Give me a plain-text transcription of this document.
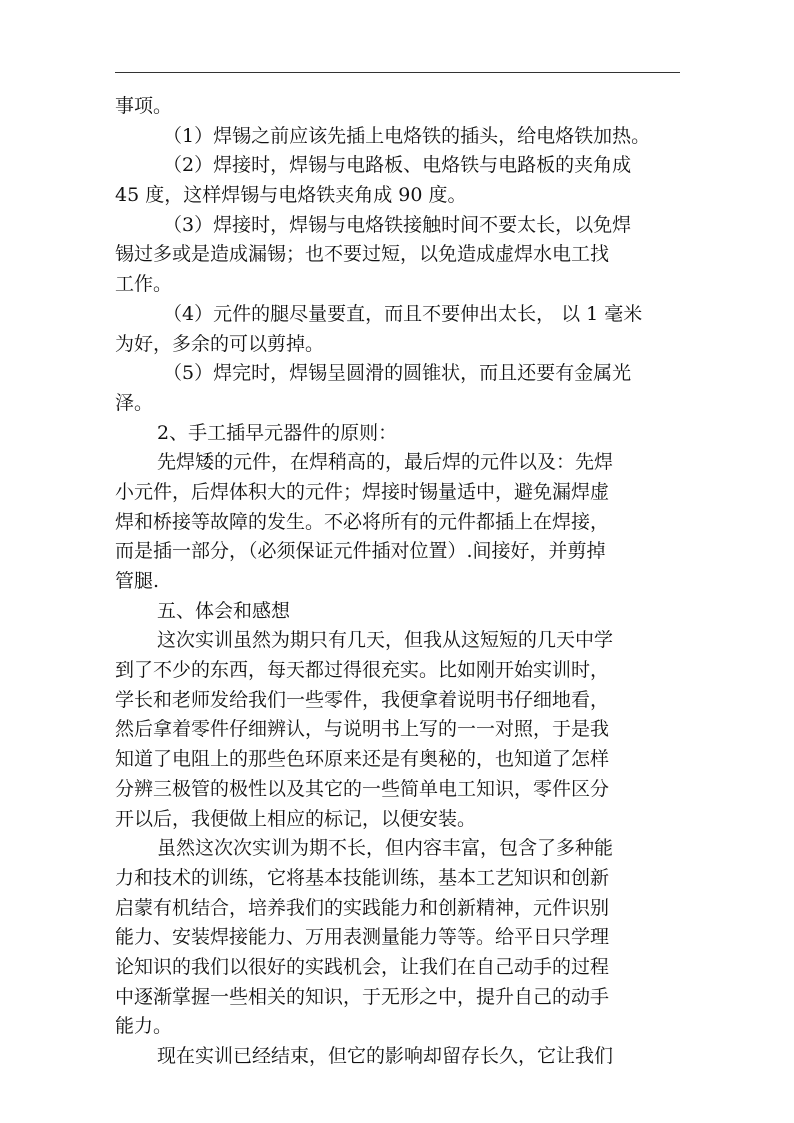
事项。
（1）焊锡之前应该先插上电烙铁的插头，给电烙铁加热。
（2）焊接时，焊锡与电路板、电烙铁与电路板的夹角成
45 度，这样焊锡与电烙铁夹角成 90 度。
（3）焊接时，焊锡与电烙铁接触时间不要太长，以免焊
锡过多或是造成漏锡；也不要过短，以免造成虚焊水电工找
工作。
（4）元件的腿尽量要直，而且不要伸出太长， 以 1 毫米
为好，多余的可以剪掉。
（5）焊完时，焊锡呈圆滑的圆锥状，而且还要有金属光
泽。
2、手工插早元器件的原则：
先焊矮的元件，在焊稍高的，最后焊的元件以及：先焊
小元件，后焊体积大的元件；焊接时锡量适中，避免漏焊虚
焊和桥接等故障的发生。不必将所有的元件都插上在焊接，
而是插一部分，（必须保证元件插对位置）.间接好，并剪掉
管腿.
五、体会和感想
这次实训虽然为期只有几天，但我从这短短的几天中学
到了不少的东西，每天都过得很充实。比如刚开始实训时，
学长和老师发给我们一些零件，我便拿着说明书仔细地看，
然后拿着零件仔细辨认，与说明书上写的一一对照，于是我
知道了电阻上的那些色环原来还是有奥秘的，也知道了怎样
分辨三极管的极性以及其它的一些简单电工知识，零件区分
开以后，我便做上相应的标记，以便安装。
虽然这次次实训为期不长，但内容丰富，包含了多种能
力和技术的训练，它将基本技能训练，基本工艺知识和创新
启蒙有机结合，培养我们的实践能力和创新精神，元件识别
能力、安装焊接能力、万用表测量能力等等。给平日只学理
论知识的我们以很好的实践机会，让我们在自己动手的过程
中逐渐掌握一些相关的知识，于无形之中，提升自己的动手
能力。
现在实训已经结束，但它的影响却留存长久，它让我们
